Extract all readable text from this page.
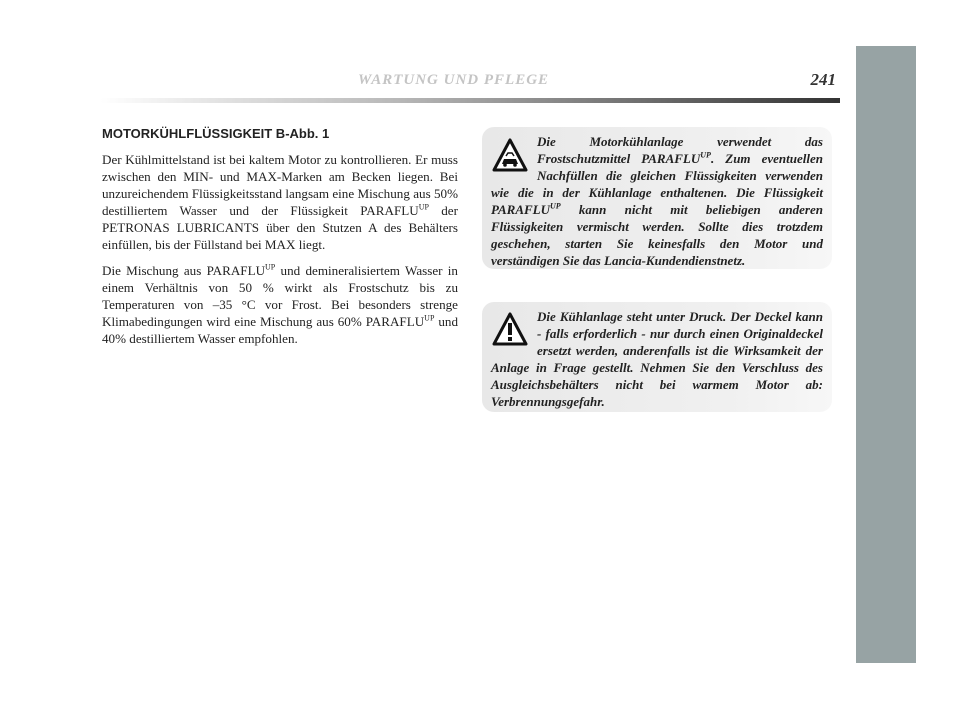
WARTUNG UND PFLEGE	241

MOTORKÜHLFLÜSSIGKEIT B-Abb. 1

Der Kühlmittelstand ist bei kaltem Motor zu kontrollieren. Er muss zwischen den MIN- und MAX-Marken am Becken liegen. Bei unzureichendem Flüssigkeitsstand langsam eine Mischung aus 50% destilliertem Wasser und der Flüssigkeit $PARAFLU^{UP}$ der PETRONAS LUBRICANTS über den Stutzen A des Behälters einfüllen, bis der Füllstand bei MAX liegt.

Die Mischung aus $PARAFLU^{UP}$ und demineralisiertem Wasser in einem Verhältnis von 50 % wirkt als Frostschutz bis zu Temperaturen von –35 °C vor Frost. Bei besonders strenge Klimabedingungen wird eine Mischung aus 60% $PARAFLU^{UP}$ und 40% destilliertem Wasser empfohlen.

Die Motorkühlanlage verwendet das Frostschutzmittel $PARAFLU^{UP}$. Zum eventuellen Nachfüllen die gleichen Flüssigkeiten verwenden wie die in der Kühlanlage enthaltenen. Die Flüssigkeit $PARAFLU^{UP}$ kann nicht mit beliebigen anderen Flüssigkeiten vermischt werden. Sollte dies trotzdem geschehen, starten Sie keinesfalls den Motor und verständigen Sie das Lancia-Kundendienstnetz.
Die Kühlanlage steht unter Druck. Der Deckel kann - falls erforderlich - nur durch einen Originaldeckel ersetzt werden, anderenfalls ist die Wirksamkeit der Anlage in Frage gestellt. Nehmen Sie den Verschluss des Ausgleichsbehälters nicht bei warmem Motor ab: Verbrennungsgefahr.
